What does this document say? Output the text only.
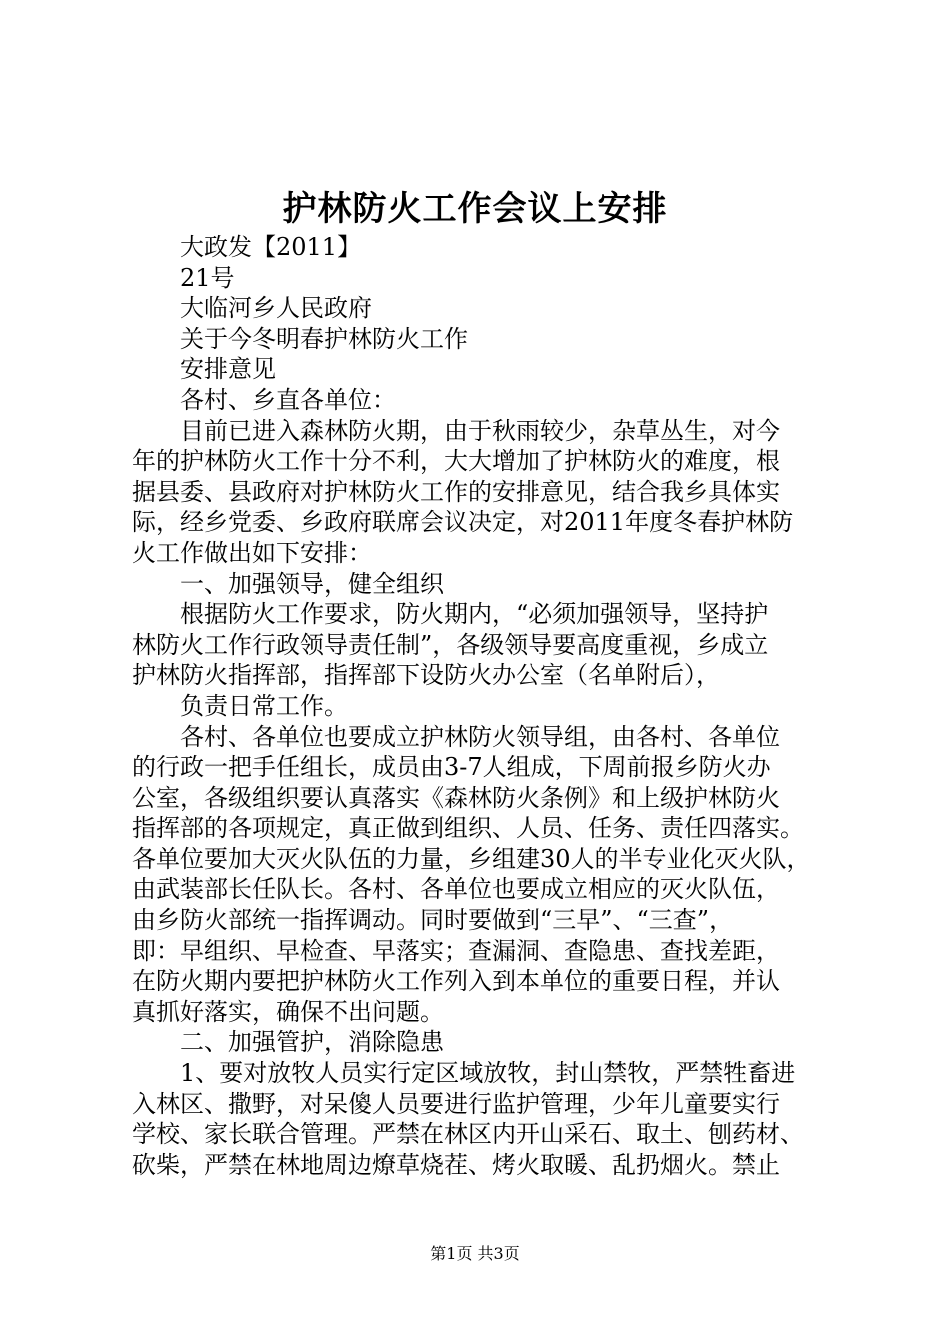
护林防火工作会议上安排
大政发【2011】
21号
大临河乡人民政府
关于今冬明春护林防火工作
安排意见
各村、乡直各单位：
目前已进入森林防火期，由于秋雨较少，杂草丛生，对今
年的护林防火工作十分不利，大大增加了护林防火的难度，根
据县委、县政府对护林防火工作的安排意见，结合我乡具体实
际，经乡党委、乡政府联席会议决定，对2011年度冬春护林防
火工作做出如下安排：
一、加强领导，健全组织
根据防火工作要求，防火期内，“必须加强领导，坚持护
林防火工作行政领导责任制”，各级领导要高度重视，乡成立
护林防火指挥部，指挥部下设防火办公室（名单附后），
负责日常工作。
各村、各单位也要成立护林防火领导组，由各村、各单位
的行政一把手任组长，成员由3-7人组成，下周前报乡防火办
公室，各级组织要认真落实《森林防火条例》和上级护林防火
指挥部的各项规定，真正做到组织、人员、任务、责任四落实。
各单位要加大灭火队伍的力量，乡组建30人的半专业化灭火队，
由武装部长任队长。各村、各单位也要成立相应的灭火队伍，
由乡防火部统一指挥调动。同时要做到“三早”、“三查”，
即：早组织、早检查、早落实；查漏洞、查隐患、查找差距，
在防火期内要把护林防火工作列入到本单位的重要日程，并认
真抓好落实，确保不出问题。
二、加强管护，消除隐患
1、要对放牧人员实行定区域放牧，封山禁牧，严禁牲畜进
入林区、撒野，对呆傻人员要进行监护管理，少年儿童要实行
学校、家长联合管理。严禁在林区内开山采石、取土、刨药材、
砍柴，严禁在林地周边燎草烧茬、烤火取暖、乱扔烟火。禁止
第1页 共3页
